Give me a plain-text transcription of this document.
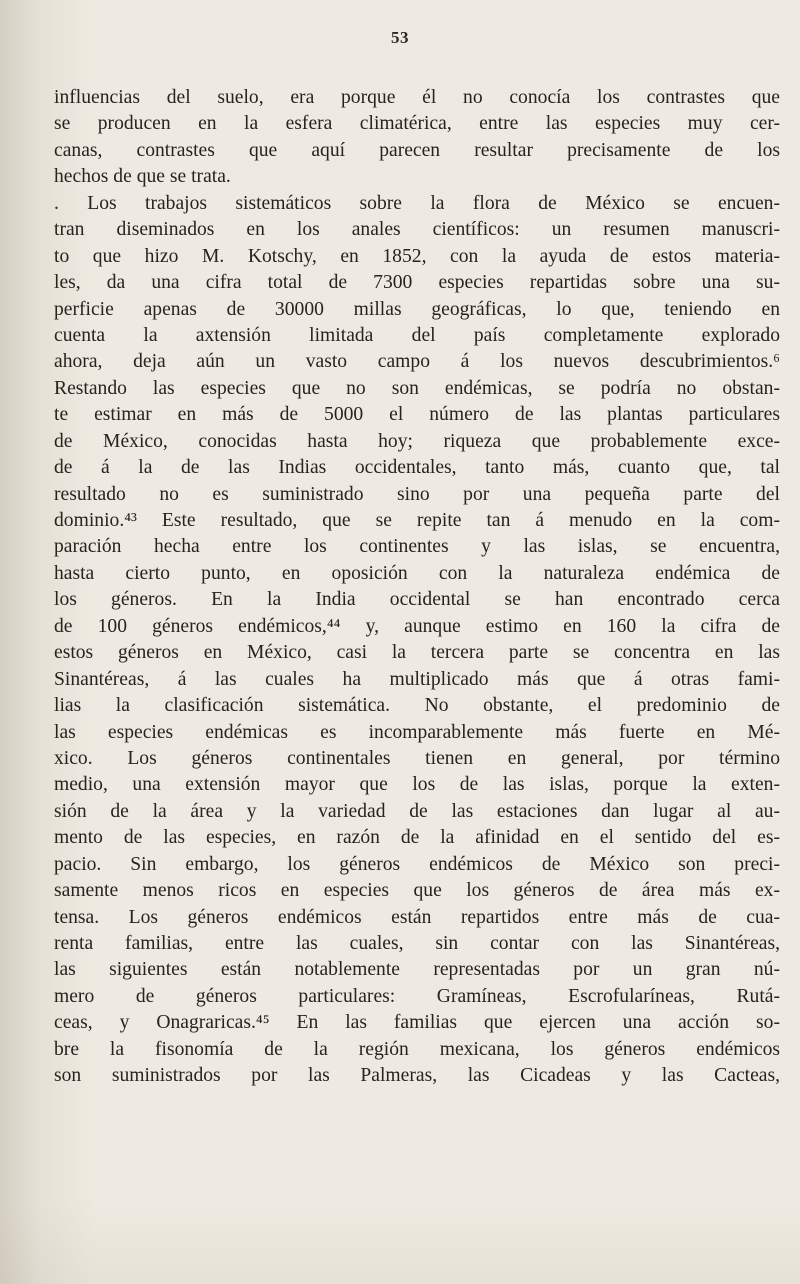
53
influencias del suelo, era porque él no conocía los contrastes que
se producen en la esfera climatérica, entre las especies muy cer-
canas, contrastes que aquí parecen resultar precisamente de los
hechos de que se trata.
. Los trabajos sistemáticos sobre la flora de México se encuen-
tran diseminados en los anales científicos: un resumen manuscri-
to que hizo M. Kotschy, en 1852, con la ayuda de estos materia-
les, da una cifra total de 7300 especies repartidas sobre una su-
perficie apenas de 30000 millas geográficas, lo que, teniendo en
cuenta la axtensión limitada del país completamente explorado
ahora, deja aún un vasto campo á los nuevos descubrimientos.⁶
Restando las especies que no son endémicas, se podría no obstan-
te estimar en más de 5000 el número de las plantas particulares
de México, conocidas hasta hoy; riqueza que probablemente exce-
de á la de las Indias occidentales, tanto más, cuanto que, tal
resultado no es suministrado sino por una pequeña parte del
dominio.⁴³ Este resultado, que se repite tan á menudo en la com-
paración hecha entre los continentes y las islas, se encuentra,
hasta cierto punto, en oposición con la naturaleza endémica de
los géneros. En la India occidental se han encontrado cerca
de 100 géneros endémicos,⁴⁴ y, aunque estimo en 160 la cifra de
estos géneros en México, casi la tercera parte se concentra en las
Sinantéreas, á las cuales ha multiplicado más que á otras fami-
lias la clasificación sistemática. No obstante, el predominio de
las especies endémicas es incomparablemente más fuerte en Mé-
xico. Los géneros continentales tienen en general, por término
medio, una extensión mayor que los de las islas, porque la exten-
sión de la área y la variedad de las estaciones dan lugar al au-
mento de las especies, en razón de la afinidad en el sentido del es-
pacio. Sin embargo, los géneros endémicos de México son preci-
samente menos ricos en especies que los géneros de área más ex-
tensa. Los géneros endémicos están repartidos entre más de cua-
renta familias, entre las cuales, sin contar con las Sinantéreas,
las siguientes están notablemente representadas por un gran nú-
mero de géneros particulares: Gramíneas, Escrofularíneas, Rutá-
ceas, y Onagraricas.⁴⁵ En las familias que ejercen una acción so-
bre la fisonomía de la región mexicana, los géneros endémicos
son suministrados por las Palmeras, las Cicadeas y las Cacteas,
